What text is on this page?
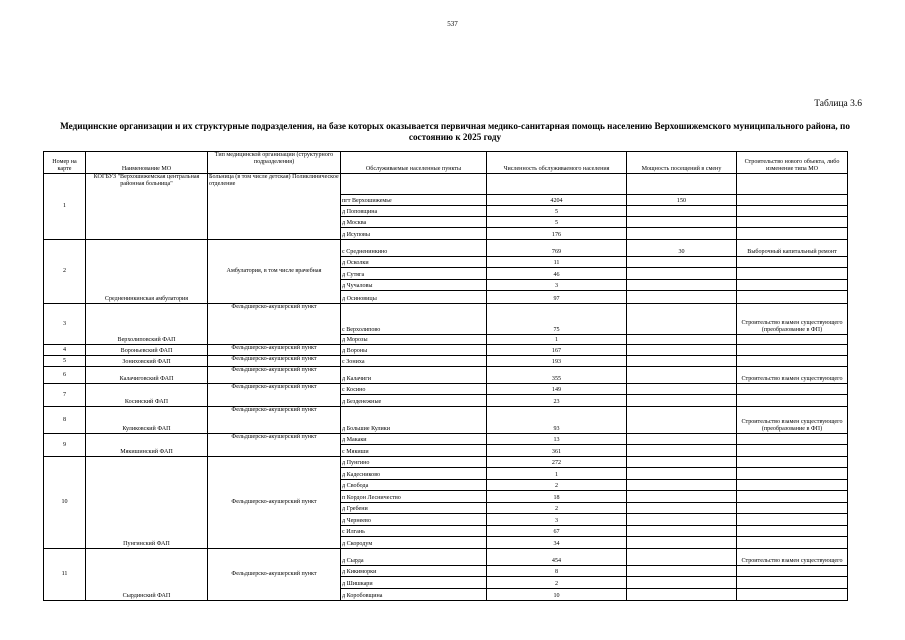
537
Таблица 3.6
Медицинские организации и их структурные подразделения, на базе которых оказывается первичная медико-санитарная помощь населению Верхошижемского муниципального района, по состоянию к 2025 году
Номер на карте	Наименование МО	Тип медицинской организации (структурного подразделения)	Обслуживаемые населенные пункты	Численность обслуживаемого населения	Мощность посещений в смену	Строительство нового объекта, либо изменение типа МО
1	КОГБУЗ "Верхошижемская центральная районная больница"	Больница (в том числе детская) Поликлиническое отделение				
			пгт Верхошижемье	4204	150	
			д Поповщина	5		
			д Москва	5		
			д Исуповы	176		
2	Средненинкинская амбулатория	Амбулатория, в том числе врачебная	с Средненинкино	769	30	Выборочный капитальный ремонт
			д Осколки	11		
			д Сутяга	46		
			д Чучаловы	3		
			д Осиновицы	97		
3	Верхолиповский ФАП	Фельдшерско-акушерский пункт	с Верхолипово	75		Строительство взамен существующего (преобразование в ФП)
			д Морозы	1		
4	Вороньевский ФАП	Фельдшерско-акушерский пункт	д Вороны	167		
5	Зониховский ФАП	Фельдшерско-акушерский пункт	с Зониха	193		
6	Калачиговский ФАП	Фельдшерско-акушерский пункт	д Калачиги	355		Строительство взамен существующего
7	Косинский ФАП	Фельдшерско-акушерский пункт	с Косино	149		
			д Безденежные	23		
8	Куликовский ФАП	Фельдшерско-акушерский пункт	д Большие Кулики	93		Строительство взамен существующего (преобразование в ФП)
9	Мякишинский ФАП	Фельдшерско-акушерский пункт	д Макаки	13		
			с Мякиши	361		
10	Пунгинский ФАП	Фельдшерско-акушерский пункт	д Пунгино	272		
			д Кадесниково	1		
			д Свобода	2		
			п Кордон Лесничество	18		
			д Гребени	2		
			д Чернеево	3		
			с Илгань	67		
			д Скородум	34		
11	Сырдинский ФАП	Фельдшерско-акушерский пункт	д Сырда	454		Строительство взамен существующего
			д Кикиморки	8		
			д Шишкари	2		
			д Коробовщина	10		
